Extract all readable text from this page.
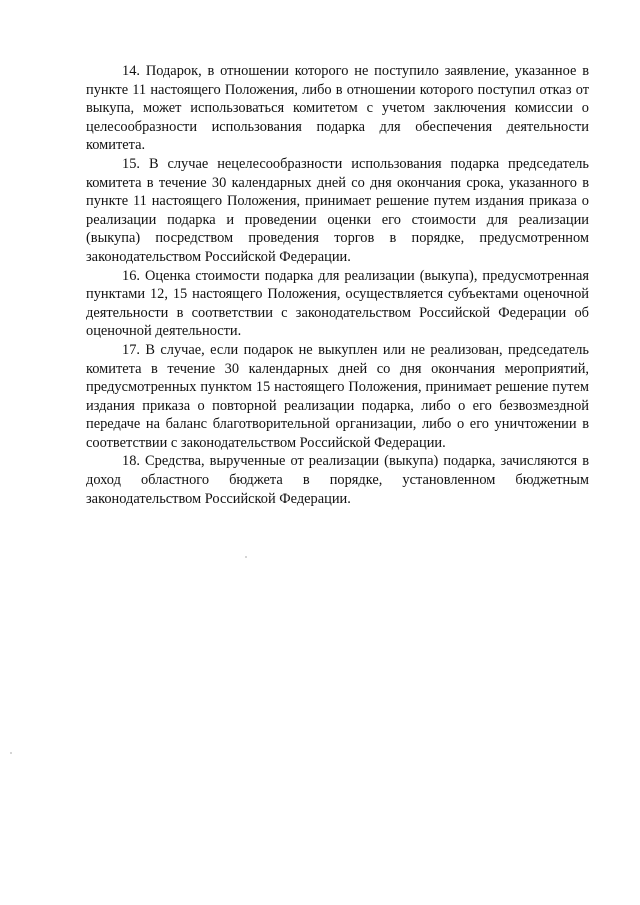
14. Подарок, в отношении которого не поступило заявление, указанное в пункте 11 настоящего Положения, либо в отношении которого поступил отказ от выкупа, может использоваться комитетом с учетом заключения комиссии о целесообразности использования подарка для обеспечения деятельности комитета.

15. В случае нецелесообразности использования подарка председатель комитета в течение 30 календарных дней со дня окончания срока, указанного в пункте 11 настоящего Положения, принимает решение путем издания приказа о реализации подарка и проведении оценки его стоимости для реализации (выкупа) посредством проведения торгов в порядке, предусмотренном законодательством Российской Федерации.

16. Оценка стоимости подарка для реализации (выкупа), предусмотренная пунктами 12, 15 настоящего Положения, осуществляется субъектами оценочной деятельности в соответствии с законодательством Российской Федерации об оценочной деятельности.

17. В случае, если подарок не выкуплен или не реализован, председатель комитета в течение 30 календарных дней со дня окончания мероприятий, предусмотренных пунктом 15 настоящего Положения, принимает решение путем издания приказа о повторной реализации подарка, либо о его безвозмездной передаче на баланс благотворительной организации, либо о его уничтожении в соответствии с законодательством Российской Федерации.

18. Средства, вырученные от реализации (выкупа) подарка, зачисляются в доход областного бюджета в порядке, установленном бюджетным законодательством Российской Федерации.
